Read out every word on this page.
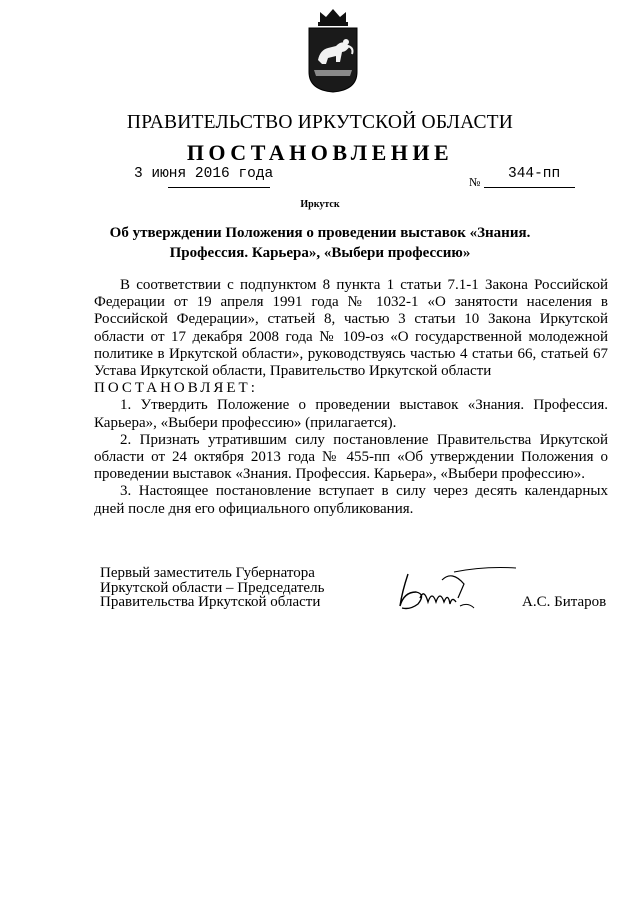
ПРАВИТЕЛЬСТВО ИРКУТСКОЙ ОБЛАСТИ
ПОСТАНОВЛЕНИЕ
3 июня 2016 года	№ 344-пп
Иркутск
Об утверждении Положения о проведении выставок «Знания.
Профессия. Карьера», «Выбери профессию»

В соответствии с подпунктом 8 пункта 1 статьи 7.1-1 Закона Российской Федерации от 19 апреля 1991 года № 1032-1 «О занятости населения в Российской Федерации», статьей 8, частью 3 статьи 10 Закона Иркутской области от 17 декабря 2008 года № 109-оз «О государственной молодежной политике в Иркутской области», руководствуясь частью 4 статьи 66, статьей 67 Устава Иркутской области, Правительство Иркутской области

ПОСТАНОВЛЯЕТ:

1. Утвердить Положение о проведении выставок «Знания. Профессия. Карьера», «Выбери профессию» (прилагается).

2. Признать утратившим силу постановление Правительства Иркутской области от 24 октября 2013 года № 455-пп «Об утверждении Положения о проведении выставок «Знания. Профессия. Карьера», «Выбери профессию».

3. Настоящее постановление вступает в силу через десять календарных дней после дня его официального опубликования.

Первый заместитель Губернатора
Иркутской области – Председатель
Правительства Иркутской области	А.С. Битаров
